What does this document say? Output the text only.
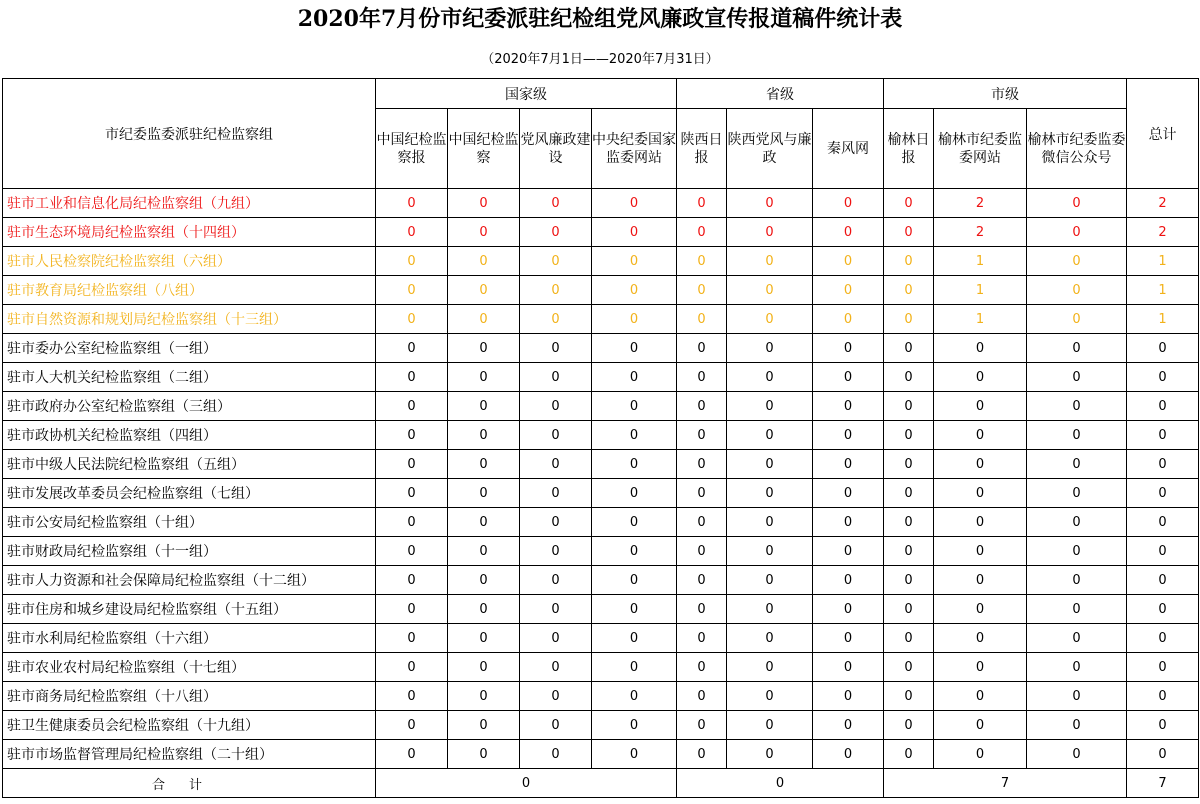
2020年7月份市纪委派驻纪检组党风廉政宣传报道稿件统计表
（2020年7月1日——2020年7月31日）
市纪委监委派驻纪检监察组	国家级				省级			市级			总计
	中国纪检监察报	中国纪检监察	党风廉政建设	中央纪委国家监委网站	陕西日报	陕西党风与廉政	秦风网	榆林日报	榆林市纪委监委网站	榆林市纪委监委微信公众号	
驻市工业和信息化局纪检监察组（九组）	0	0	0	0	0	0	0	0	2	0	2
驻市生态环境局纪检监察组（十四组）	0	0	0	0	0	0	0	0	2	0	2
驻市人民检察院纪检监察组（六组）	0	0	0	0	0	0	0	0	1	0	1
驻市教育局纪检监察组（八组）	0	0	0	0	0	0	0	0	1	0	1
驻市自然资源和规划局纪检监察组（十三组）	0	0	0	0	0	0	0	0	1	0	1
驻市委办公室纪检监察组（一组）	0	0	0	0	0	0	0	0	0	0	0
驻市人大机关纪检监察组（二组）	0	0	0	0	0	0	0	0	0	0	0
驻市政府办公室纪检监察组（三组）	0	0	0	0	0	0	0	0	0	0	0
驻市政协机关纪检监察组（四组）	0	0	0	0	0	0	0	0	0	0	0
驻市中级人民法院纪检监察组（五组）	0	0	0	0	0	0	0	0	0	0	0
驻市发展改革委员会纪检监察组（七组）	0	0	0	0	0	0	0	0	0	0	0
驻市公安局纪检监察组（十组）	0	0	0	0	0	0	0	0	0	0	0
驻市财政局纪检监察组（十一组）	0	0	0	0	0	0	0	0	0	0	0
驻市人力资源和社会保障局纪检监察组（十二组）	0	0	0	0	0	0	0	0	0	0	0
驻市住房和城乡建设局纪检监察组（十五组）	0	0	0	0	0	0	0	0	0	0	0
驻市水利局纪检监察组（十六组）	0	0	0	0	0	0	0	0	0	0	0
驻市农业农村局纪检监察组（十七组）	0	0	0	0	0	0	0	0	0	0	0
驻市商务局纪检监察组（十八组）	0	0	0	0	0	0	0	0	0	0	0
驻卫生健康委员会纪检监察组（十九组）	0	0	0	0	0	0	0	0	0	0	0
驻市市场监督管理局纪检监察组（二十组）	0	0	0	0	0	0	0	0	0	0	0
合计	0				0			7			7
